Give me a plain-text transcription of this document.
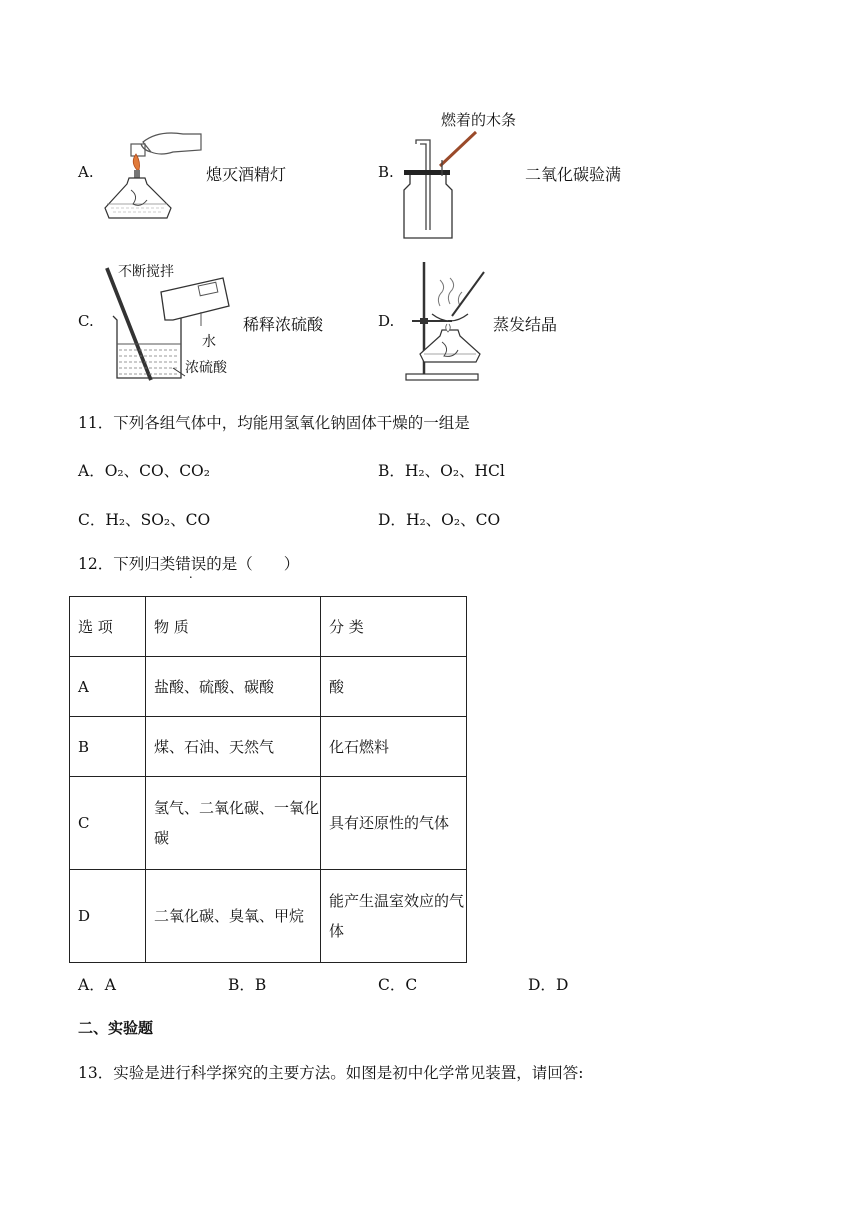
A.	熄灭酒精灯	B.
燃着的木条
二氧化碳验满
C.
不断搅拌
水
浓硫酸
稀释浓硫酸	D.	蒸发结晶
11．下列各组气体中，均能用氢氧化钠固体干燥的一组是
A．O₂、CO、CO₂	B．H₂、O₂、HCl
C．H₂、SO₂、CO	D．H₂、O₂、CO
12．下列归类错误的是（　　）
选 项	物 质	分 类
A	盐酸、硫酸、碳酸	酸
B	煤、石油、天然气	化石燃料
C	氢气、二氧化碳、一氧化碳	具有还原性的气体
D	二氧化碳、臭氧、甲烷	能产生温室效应的气体
A．A	B．B	C．C	D．D
二、实验题
13．实验是进行科学探究的主要方法。如图是初中化学常见装置，请回答:
